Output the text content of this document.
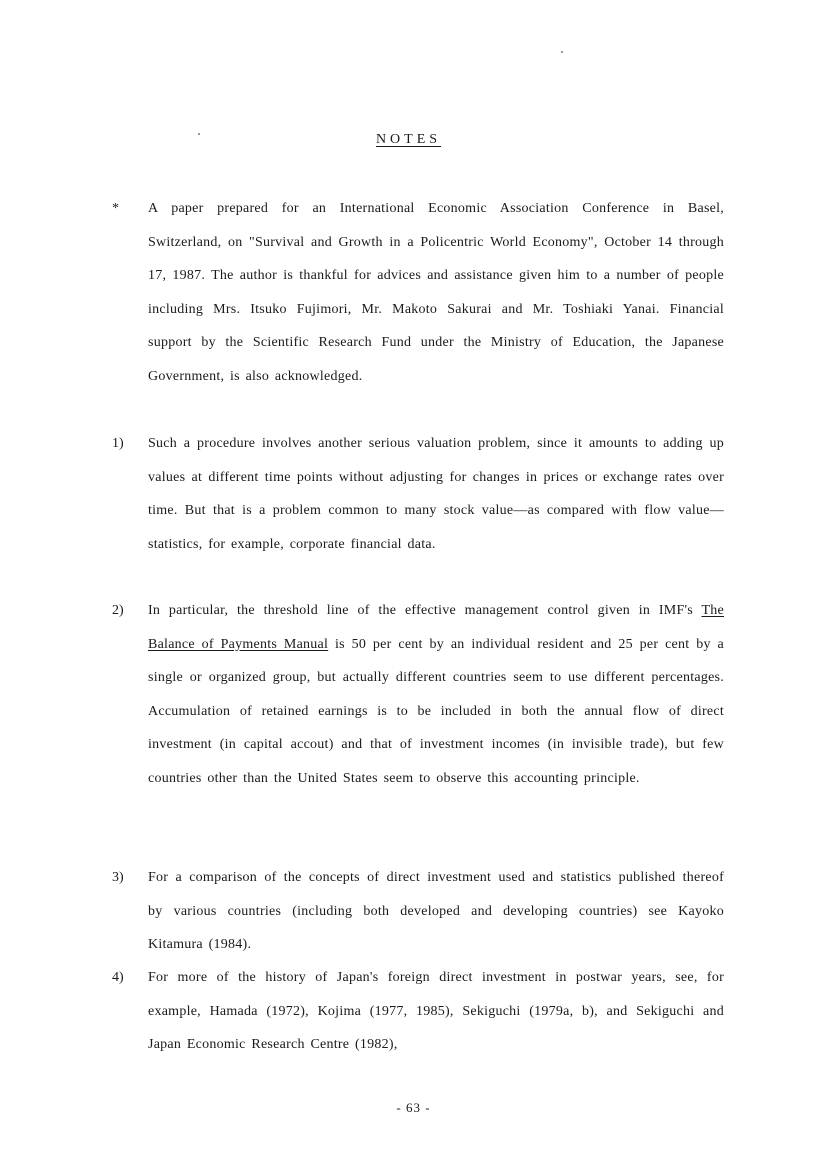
NOTES
* A paper prepared for an International Economic Association Conference in Basel, Switzerland, on "Survival and Growth in a Policentric World Economy", October 14 through 17, 1987. The author is thankful for advices and assistance given him to a number of people including Mrs. Itsuko Fujimori, Mr. Makoto Sakurai and Mr. Toshiaki Yanai. Financial support by the Scientific Research Fund under the Ministry of Education, the Japanese Government, is also acknowledged.
1) Such a procedure involves another serious valuation problem, since it amounts to adding up values at different time points without adjusting for changes in prices or exchange rates over time. But that is a problem common to many stock value—as compared with flow value—statistics, for example, corporate financial data.
2) In particular, the threshold line of the effective management control given in IMF's The Balance of Payments Manual is 50 per cent by an individual resident and 25 per cent by a single or organized group, but actually different countries seem to use different percentages. Accumulation of retained earnings is to be included in both the annual flow of direct investment (in capital accout) and that of investment incomes (in invisible trade), but few countries other than the United States seem to observe this accounting principle.
3) For a comparison of the concepts of direct investment used and statistics published thereof by various countries (including both developed and developing countries) see Kayoko Kitamura (1984).
4) For more of the history of Japan's foreign direct investment in postwar years, see, for example, Hamada (1972), Kojima (1977, 1985), Sekiguchi (1979a, b), and Sekiguchi and Japan Economic Research Centre (1982),
- 63 -
